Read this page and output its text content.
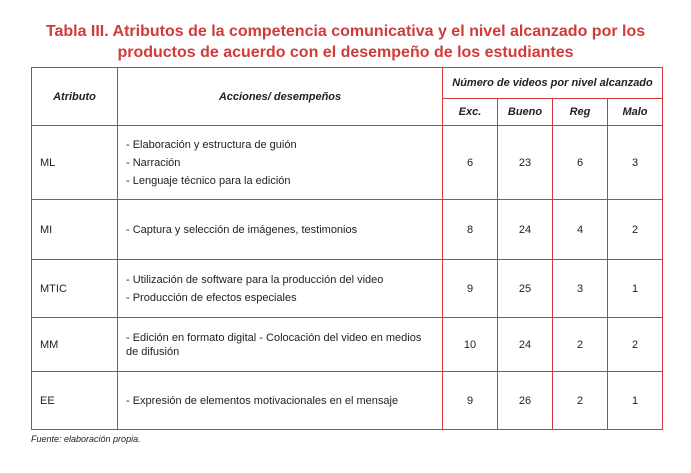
Tabla III. Atributos de la competencia comunicativa y el nivel alcanzado por los
productos de acuerdo con el desempeño de los estudiantes
Atributo	Acciones/ desempeños	Número de videos por nivel alcanzado			
		Exc.	Bueno	Reg	Malo
ML	- Elaboración y estructura de guión
- Narración
- Lenguaje técnico para la edición	6	23	6	3
MI	- Captura y selección de imágenes, testimonios	8	24	4	2
MTIC	- Utilización de software para la producción del video
- Producción de efectos especiales	9	25	3	1
MM	- Edición en formato digital - Colocación del video en medios de difusión	10	24	2	2
EE	- Expresión de elementos motivacionales en el mensaje	9	26	2	1
Fuente: elaboración propia.
